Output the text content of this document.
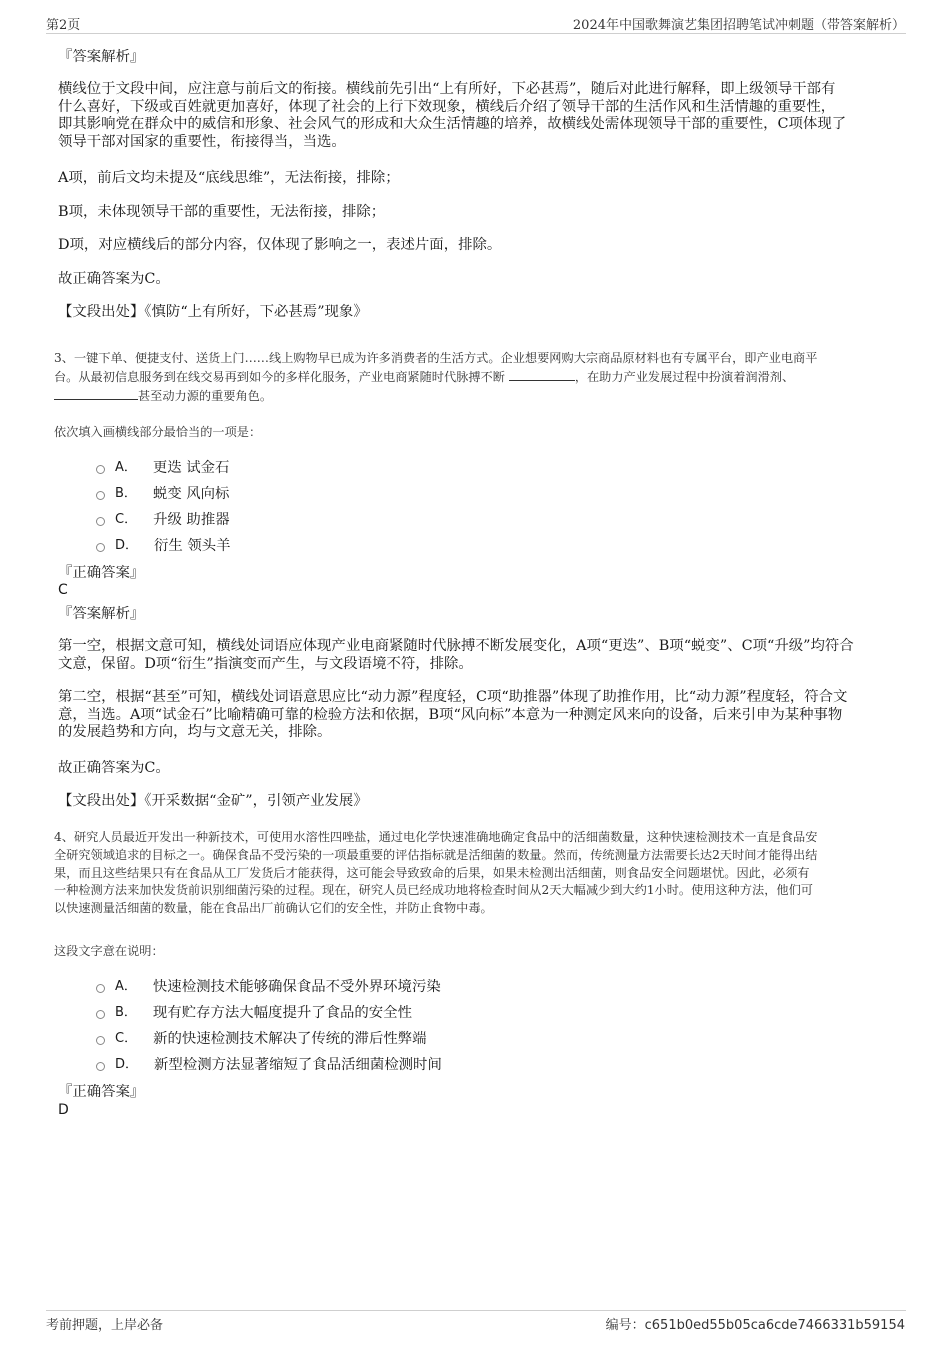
第2页	2024年中国歌舞演艺集团招聘笔试冲刺题（带答案解析）
『答案解析』
横线位于文段中间，应注意与前后文的衔接。横线前先引出“上有所好，下必甚焉”，随后对此进行解释，即上级领导干部有
什么喜好，下级或百姓就更加喜好，体现了社会的上行下效现象，横线后介绍了领导干部的生活作风和生活情趣的重要性，
即其影响党在群众中的威信和形象、社会风气的形成和大众生活情趣的培养，故横线处需体现领导干部的重要性，C项体现了
领导干部对国家的重要性，衔接得当，当选。
A项，前后文均未提及“底线思维”，无法衔接，排除；
B项，未体现领导干部的重要性，无法衔接，排除；
D项，对应横线后的部分内容，仅体现了影响之一，表述片面，排除。
故正确答案为C。
【文段出处】《慎防“上有所好，下必甚焉”现象》
3、一键下单、便捷支付、送货上门……线上购物早已成为许多消费者的生活方式。企业想要网购大宗商品原材料也有专属平台，即产业电商平
台。从最初信息服务到在线交易再到如今的多样化服务，产业电商紧随时代脉搏不断	，在助力产业发展过程中扮演着润滑剂、
甚至动力源的重要角色。
依次填入画横线部分最恰当的一项是：
A． 更迭 试金石
B． 蜕变 风向标
C． 升级 助推器
D． 衍生 领头羊
『正确答案』
C
『答案解析』
第一空，根据文意可知，横线处词语应体现产业电商紧随时代脉搏不断发展变化，A项“更迭”、B项“蜕变”、C项“升级”均符合
文意，保留。D项“衍生”指演变而产生，与文段语境不符，排除。
第二空，根据“甚至”可知，横线处词语意思应比“动力源”程度轻，C项“助推器”体现了助推作用，比“动力源”程度轻，符合文
意，当选。A项“试金石”比喻精确可靠的检验方法和依据，B项“风向标”本意为一种测定风来向的设备，后来引申为某种事物
的发展趋势和方向，均与文意无关，排除。
故正确答案为C。
【文段出处】《开采数据“金矿”，引领产业发展》
4、研究人员最近开发出一种新技术，可使用水溶性四唑盐，通过电化学快速准确地确定食品中的活细菌数量，这种快速检测技术一直是食品安
全研究领域追求的目标之一。确保食品不受污染的一项最重要的评估指标就是活细菌的数量。然而，传统测量方法需要长达2天时间才能得出结
果，而且这些结果只有在食品从工厂发货后才能获得，这可能会导致致命的后果，如果未检测出活细菌，则食品安全问题堪忧。因此，必须有
一种检测方法来加快发货前识别细菌污染的过程。现在，研究人员已经成功地将检查时间从2天大幅减少到大约1小时。使用这种方法，他们可
以快速测量活细菌的数量，能在食品出厂前确认它们的安全性，并防止食物中毒。
这段文字意在说明：
A． 快速检测技术能够确保食品不受外界环境污染
B． 现有贮存方法大幅度提升了食品的安全性
C． 新的快速检测技术解决了传统的滞后性弊端
D． 新型检测方法显著缩短了食品活细菌检测时间
『正确答案』
D
考前押题，上岸必备	编号：c651b0ed55b05ca6cde7466331b59154
